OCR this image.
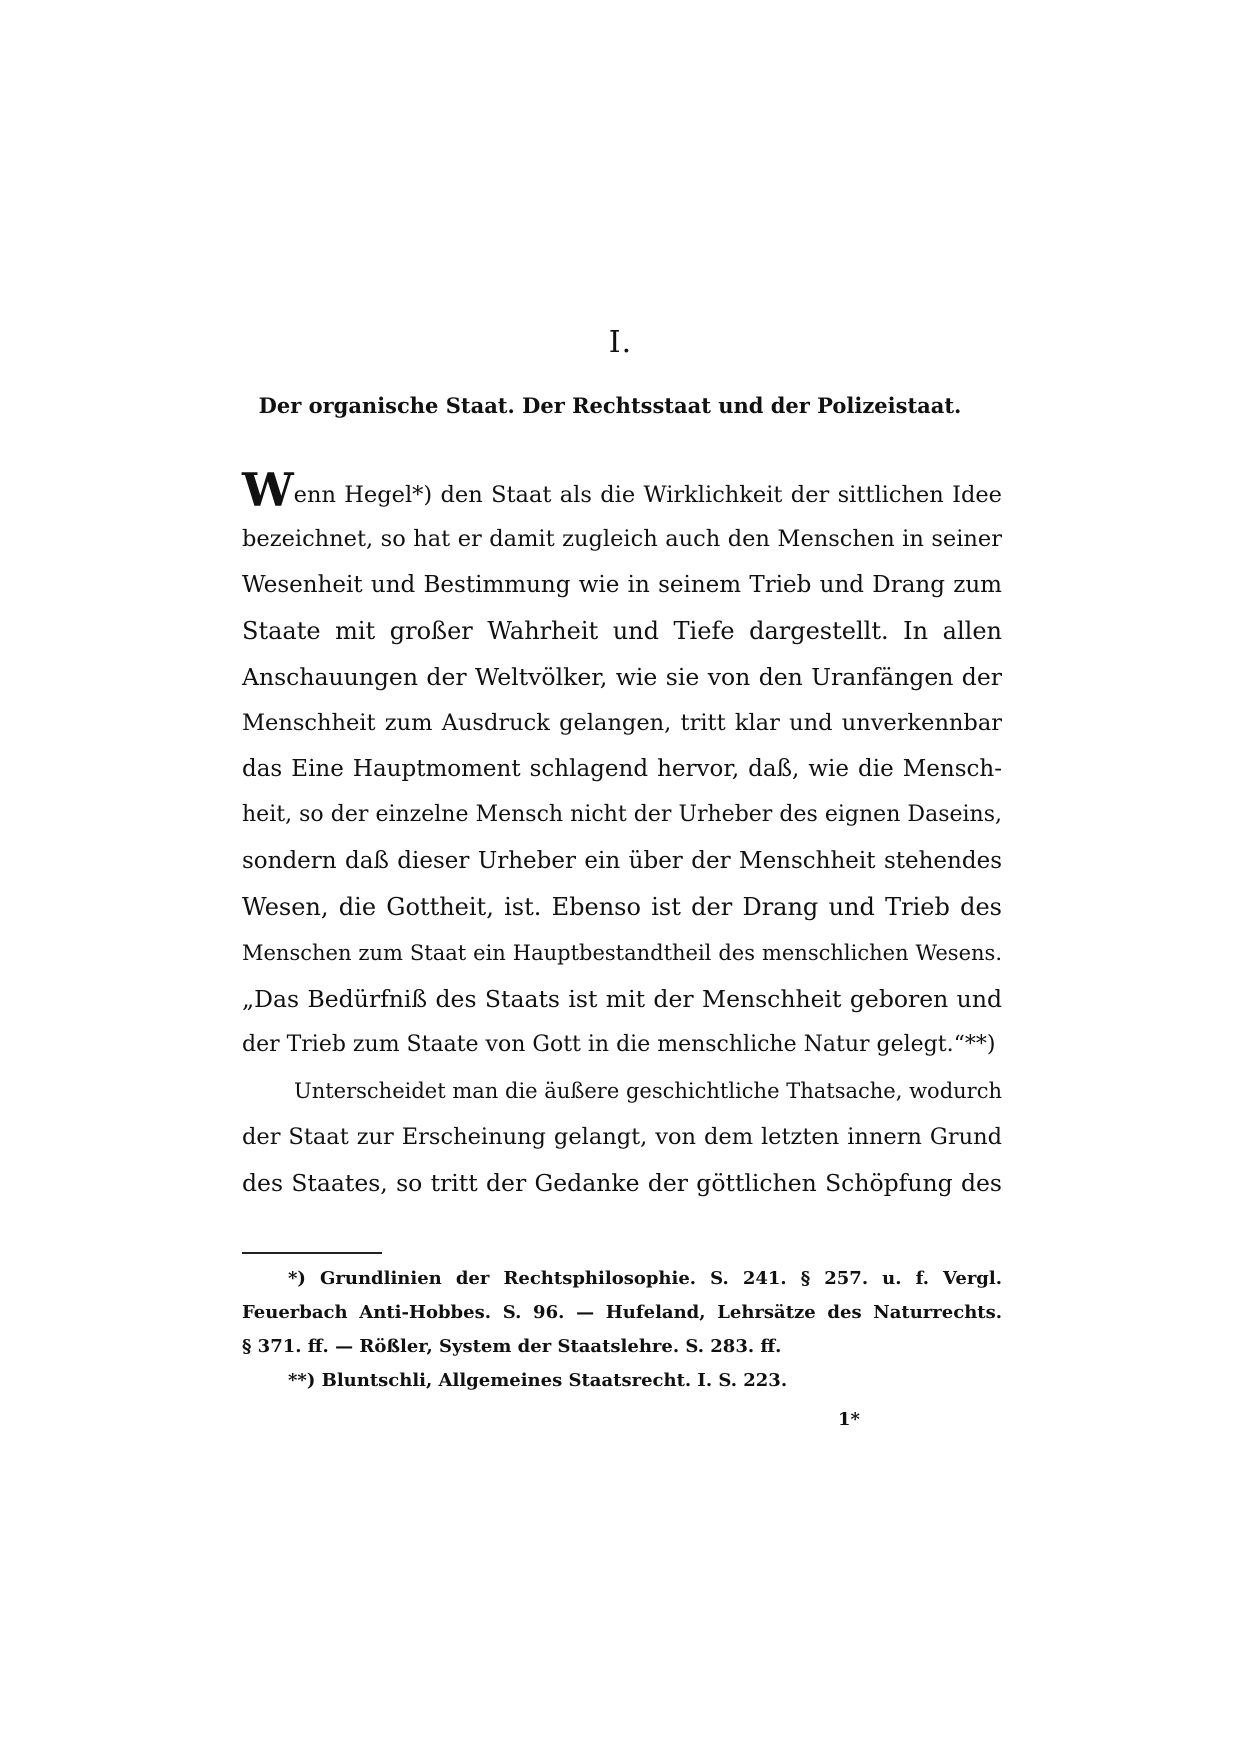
I.
Der organische Staat. Der Rechtsstaat und der Polizeistaat.
Wenn Hegel*) den Staat als die Wirklichkeit der sittlichen Idee
bezeichnet, so hat er damit zugleich auch den Menschen in seiner
Wesenheit und Bestimmung wie in seinem Trieb und Drang zum
Staate mit großer Wahrheit und Tiefe dargestellt. In allen
Anschauungen der Weltvölker, wie sie von den Uranfängen der
Menschheit zum Ausdruck gelangen, tritt klar und unverkennbar
das Eine Hauptmoment schlagend hervor, daß, wie die Mensch-
heit, so der einzelne Mensch nicht der Urheber des eignen Daseins,
sondern daß dieser Urheber ein über der Menschheit stehendes
Wesen, die Gottheit, ist. Ebenso ist der Drang und Trieb des
Menschen zum Staat ein Hauptbestandtheil des menschlichen Wesens.
„Das Bedürfniß des Staats ist mit der Menschheit geboren und
der Trieb zum Staate von Gott in die menschliche Natur gelegt.“**)
Unterscheidet man die äußere geschichtliche Thatsache, wodurch
der Staat zur Erscheinung gelangt, von dem letzten innern Grund
des Staates, so tritt der Gedanke der göttlichen Schöpfung des
*) Grundlinien der Rechtsphilosophie. S. 241. § 257. u. f. Vergl.
Feuerbach Anti-Hobbes. S. 96. — Hufeland, Lehrsätze des Naturrechts.
§ 371. ff. — Rößler, System der Staatslehre. S. 283. ff.
**) Bluntschli, Allgemeines Staatsrecht. I. S. 223.
1*
